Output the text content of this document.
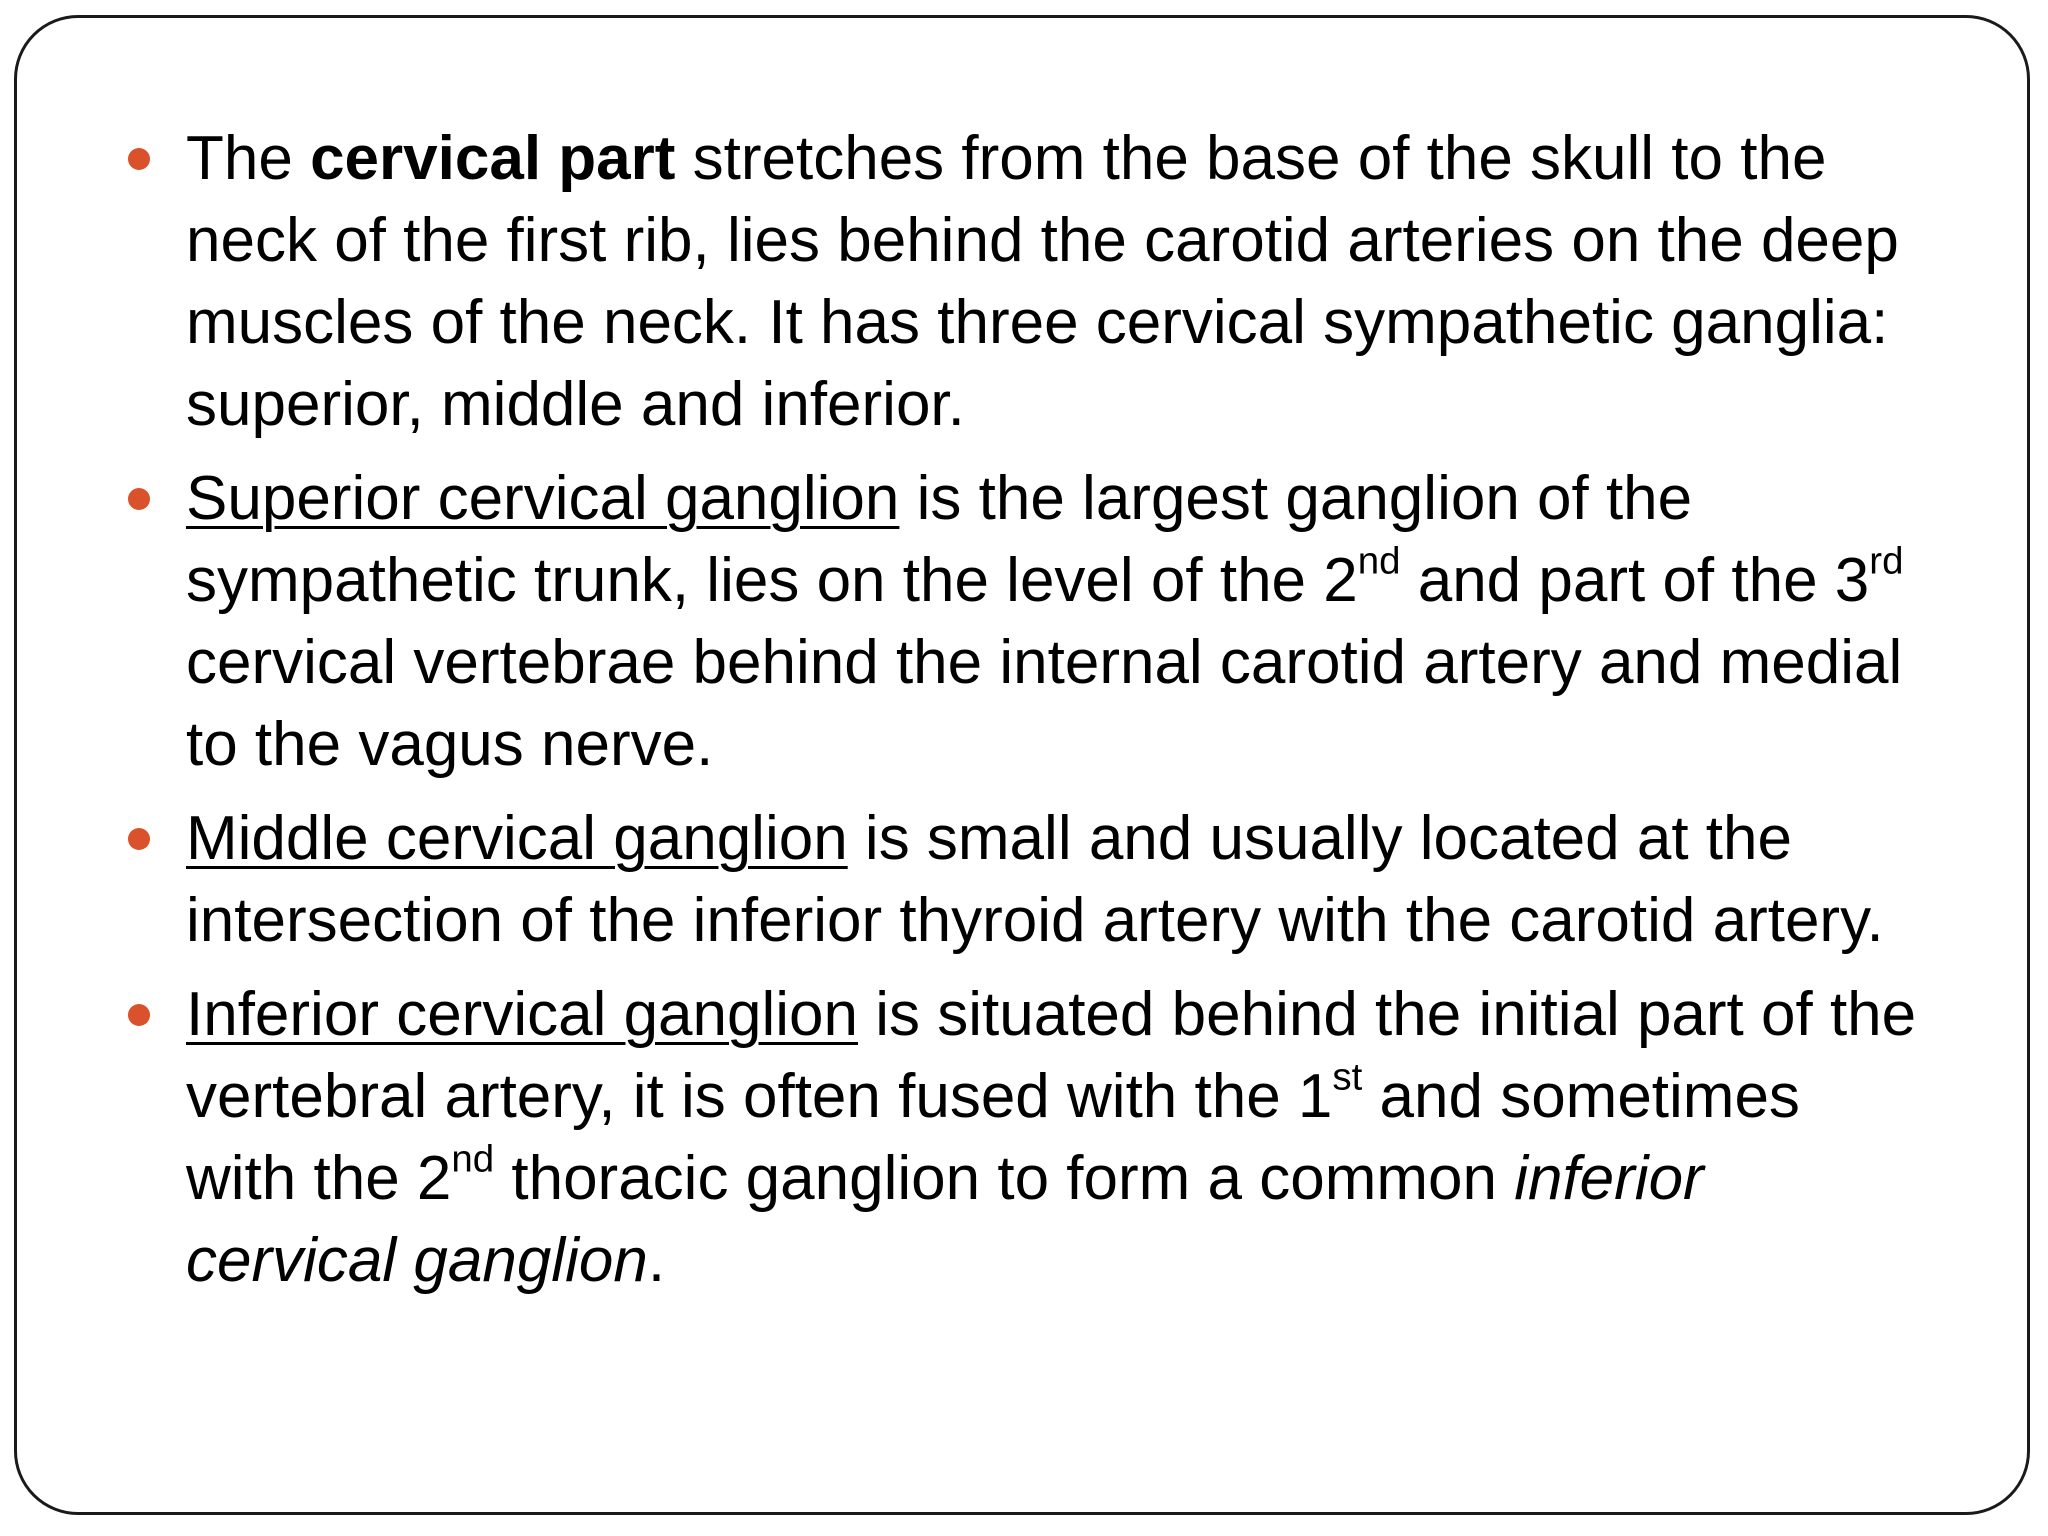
The cervical part stretches from the base of the skull to the neck of the first rib, lies behind the carotid arteries on the deep muscles of the neck. It has three cervical sympathetic ganglia: superior, middle and inferior.
Superior cervical ganglion is the largest ganglion of the sympathetic trunk, lies on the level of the 2nd and part of the 3rd cervical vertebrae behind the internal carotid artery and medial to the vagus nerve.
Middle cervical ganglion is small and usually located at the intersection of the inferior thyroid artery with the carotid artery.
Inferior cervical ganglion is situated behind the initial part of the vertebral artery, it is often fused with the 1st and sometimes with the 2nd thoracic ganglion to form a common inferior cervical ganglion.
